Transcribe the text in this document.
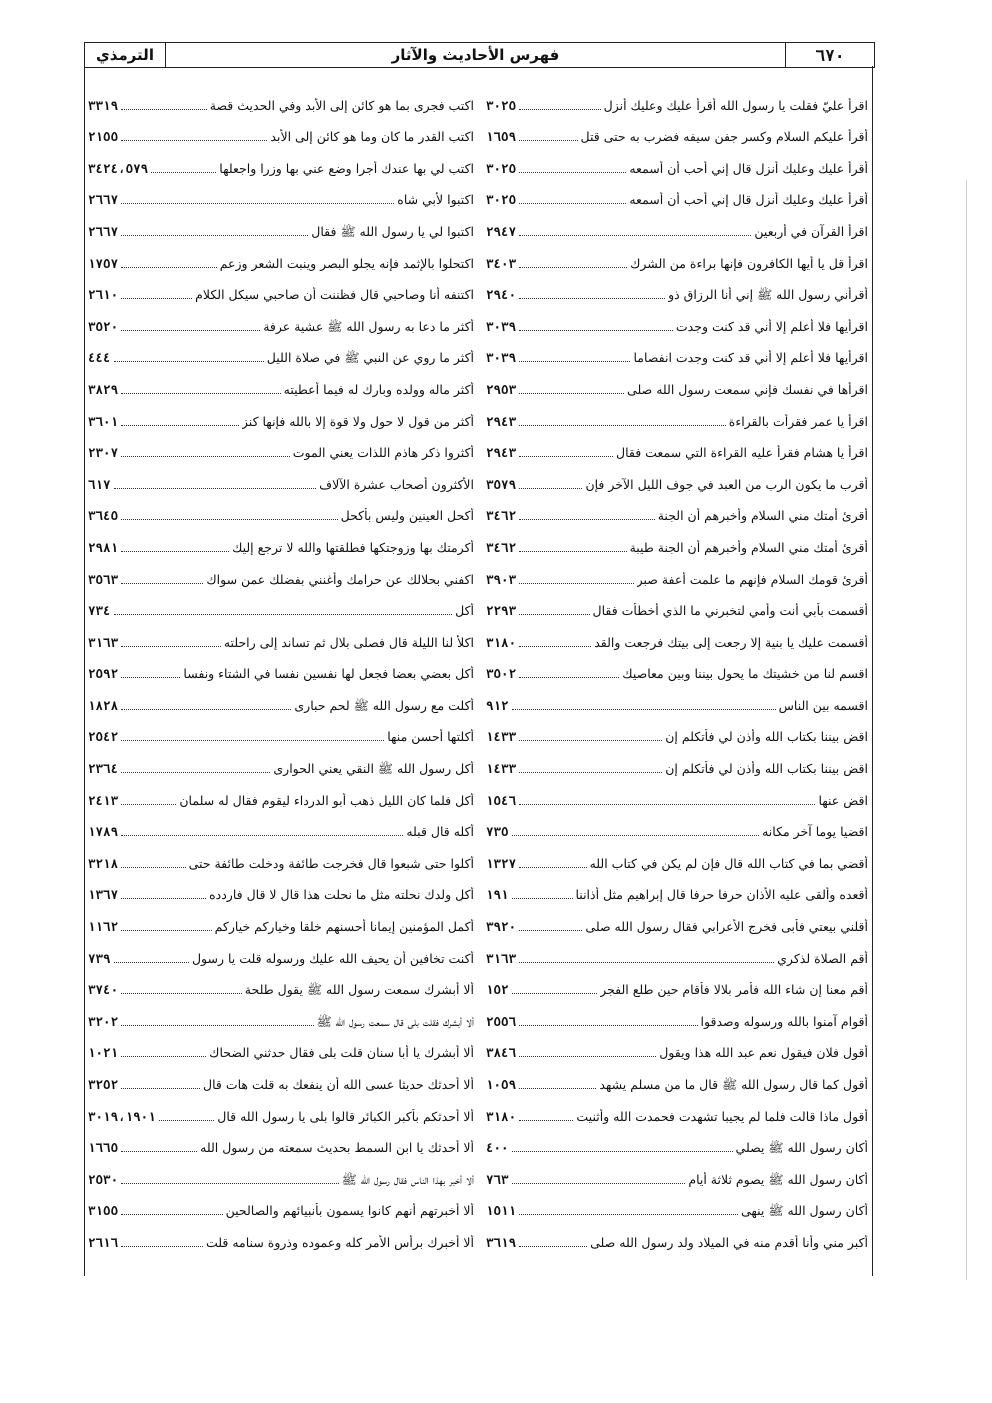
٦٧٠
فهرس الأحاديث والآثار
الترمذي
اقرأ عليّ فقلت يا رسول الله أقرأ عليك وعليك أنزل
٣٠٢٥
أقرأ عليكم السلام وكسر جفن سيفه فضرب به حتى قتل
١٦٥٩
أقرأ عليك وعليك أنزل قال إني أحب أن أسمعه
٣٠٢٥
أقرأ عليك وعليك أنزل قال إني أحب أن أسمعه
٣٠٢٥
اقرأ القرآن في أربعين
٢٩٤٧
اقرأ قل يا أيها الكافرون فإنها براءة من الشرك
٣٤٠٣
أقرأني رسول الله ﷺ إني أنا الرزاق ذو
٢٩٤٠
اقرأيها فلا أعلم إلا أني قد كنت وجدت
٣٠٣٩
اقرأيها فلا أعلم إلا أني قد كنت وجدت انفصاما
٣٠٣٩
اقرأها في نفسك فإني سمعت رسول الله صلى
٢٩٥٣
اقرأ يا عمر فقرأت بالقراءة
٢٩٤٣
اقرأ يا هشام فقرأ عليه القراءة التي سمعت فقال
٢٩٤٣
أقرب ما يكون الرب من العبد في جوف الليل الآخر فإن
٣٥٧٩
أقرئ أمتك مني السلام وأخبرهم أن الجنة
٣٤٦٢
أقرئ أمتك مني السلام وأخبرهم أن الجنة طيبة
٣٤٦٢
أقرئ قومك السلام فإنهم ما علمت أعفة صبر
٣٩٠٣
أقسمت بأبي أنت وأمي لتخبرني ما الذي أخطأت فقال
٢٢٩٣
أقسمت عليك يا بنية إلا رجعت إلى بيتك فرجعت والقد
٣١٨٠
اقسم لنا من خشيتك ما يحول بيننا وبين معاصيك
٣٥٠٢
اقسمه بين الناس
٩١٢
اقض بيننا بكتاب الله وأذن لي فأتكلم إن
١٤٣٣
اقض بيننا بكتاب الله وأذن لي فأتكلم إن
١٤٣٣
اقض عنها
١٥٤٦
اقضيا يوما آخر مكانه
٧٣٥
أقضي بما في كتاب الله قال فإن لم يكن في كتاب الله
١٣٢٧
أقعده وألقى عليه الأذان حرفا حرفا قال إبراهيم مثل أذاننا
١٩١
أقلني بيعتي فأبى فخرج الأعرابي فقال رسول الله صلى
٣٩٢٠
أقم الصلاة لذكري
٣١٦٣
أقم معنا إن شاء الله فأمر بلالا فأقام حين طلع الفجر
١٥٢
أقوام آمنوا بالله ورسوله وصدقوا
٢٥٥٦
أقول فلان فيقول نعم عبد الله هذا ويقول
٣٨٤٦
أقول كما قال رسول الله ﷺ قال ما من مسلم يشهد
١٠٥٩
أقول ماذا قالت فلما لم يجيبا تشهدت فحمدت الله وأثنيت
٣١٨٠
أكان رسول الله ﷺ يصلي
٤٠٠
أكان رسول الله ﷺ يصوم ثلاثة أيام
٧٦٣
أكان رسول الله ﷺ ينهى
١٥١١
أكبر مني وأنا أقدم منه في الميلاد ولد رسول الله صلى
٣٦١٩
اكتب فجرى بما هو كائن إلى الأبد وفي الحديث قصة
٣٣١٩
اكتب القدر ما كان وما هو كائن إلى الأبد
٢١٥٥
اكتب لي بها عندك أجرا وضع عني بها وزرا واجعلها
٣٤٢٤،٥٧٩
اكتبوا لأبي شاه
٢٦٦٧
اكتبوا لي يا رسول الله ﷺ فقال
٢٦٦٧
اكتحلوا بالإثمد فإنه يجلو البصر وينبت الشعر وزعم
١٧٥٧
اكتنفه أنا وصاحبي قال فظننت أن صاحبي سيكل الكلام
٢٦١٠
أكثر ما دعا به رسول الله ﷺ عشية عرفة
٣٥٢٠
أكثر ما روي عن النبي ﷺ في صلاة الليل
٤٤٤
أكثر ماله وولده وبارك له فيما أعطيته
٣٨٢٩
أكثر من قول لا حول ولا قوة إلا بالله فإنها كنز
٣٦٠١
أكثروا ذكر هاذم اللذات يعني الموت
٢٣٠٧
الأكثرون أصحاب عشرة الآلاف
٦١٧
أكحل العينين وليس بأكحل
٣٦٤٥
أكرمتك بها وزوجتكها فطلقتها والله لا ترجع إليك
٢٩٨١
اكفني بحلالك عن حرامك وأغنني بفضلك عمن سواك
٣٥٦٣
أكل
٧٣٤
اكلأ لنا الليلة قال فصلى بلال ثم تساند إلى راحلته
٣١٦٣
أكل بعضي بعضا فجعل لها نفسين نفسا في الشتاء ونفسا
٢٥٩٢
أكلت مع رسول الله ﷺ لحم حبارى
١٨٢٨
أكلتها أحسن منها
٢٥٤٢
أكل رسول الله ﷺ النقي يعني الحوارى
٢٣٦٤
أكل فلما كان الليل ذهب أبو الدرداء ليقوم فقال له سلمان
٢٤١٣
أكله قال قبله
١٧٨٩
أكلوا حتى شبعوا قال فخرجت طائفة ودخلت طائفة حتى
٣٢١٨
أكل ولدك نحلته مثل ما نحلت هذا قال لا قال فاردده
١٣٦٧
أكمل المؤمنين إيمانا أحسنهم خلقا وخياركم خياركم
١١٦٢
أكنت تخافين أن يحيف الله عليك ورسوله قلت يا رسول
٧٣٩
ألا أبشرك سمعت رسول الله ﷺ يقول طلحة
٣٧٤٠
ألا أبشرك فقلت بلى قال سمعت رسول الله ﷺ
٣٢٠٢
ألا أبشرك يا أبا سنان قلت بلى فقال حدثني الضحاك
١٠٢١
ألا أحدثك حديثا عسى الله أن ينفعك به قلت هات قال
٣٢٥٢
ألا أحدثكم بأكبر الكبائر قالوا بلى يا رسول الله قال
٣٠١٩،١٩٠١
ألا أحدثك يا ابن السمط بحديث سمعته من رسول الله
١٦٦٥
ألا أخبر بهذا الناس فقال رسول الله ﷺ
٢٥٣٠
ألا أخبرتهم أنهم كانوا يسمون بأنبيائهم والصالحين
٣١٥٥
ألا أخبرك برأس الأمر كله وعموده وذروة سنامه قلت
٢٦١٦
